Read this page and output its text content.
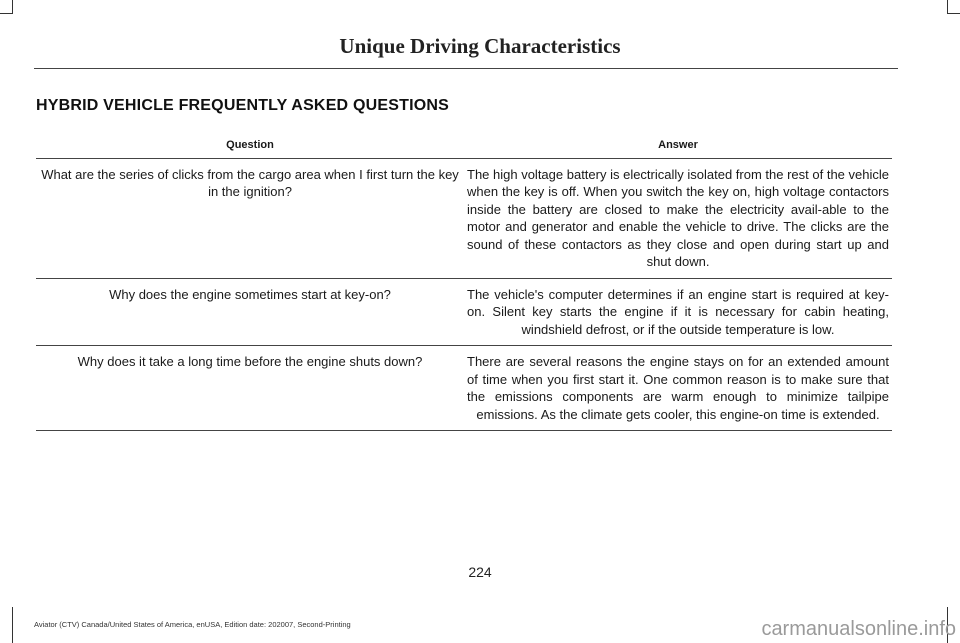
Unique Driving Characteristics
HYBRID VEHICLE FREQUENTLY ASKED QUESTIONS
Question	Answer
What are the series of clicks from the cargo area when I first turn the key in the ignition?	The high voltage battery is electrically isolated from the rest of the vehicle when the key is off. When you switch the key on, high voltage contactors inside the battery are closed to make the electricity avail-able to the motor and generator and enable the vehicle to drive. The clicks are the sound of these contactors as they close and open during start up and shut down.
Why does the engine sometimes start at key-on?	The vehicle's computer determines if an engine start is required at key-on. Silent key starts the engine if it is necessary for cabin heating, windshield defrost, or if the outside temperature is low.
Why does it take a long time before the engine shuts down?	There are several reasons the engine stays on for an extended amount of time when you first start it. One common reason is to make sure that the emissions components are warm enough to minimize tailpipe emissions. As the climate gets cooler, this engine-on time is extended.
224
Aviator (CTV) Canada/United States of America, enUSA, Edition date: 202007, Second-Printing	carmanualsonline.info
